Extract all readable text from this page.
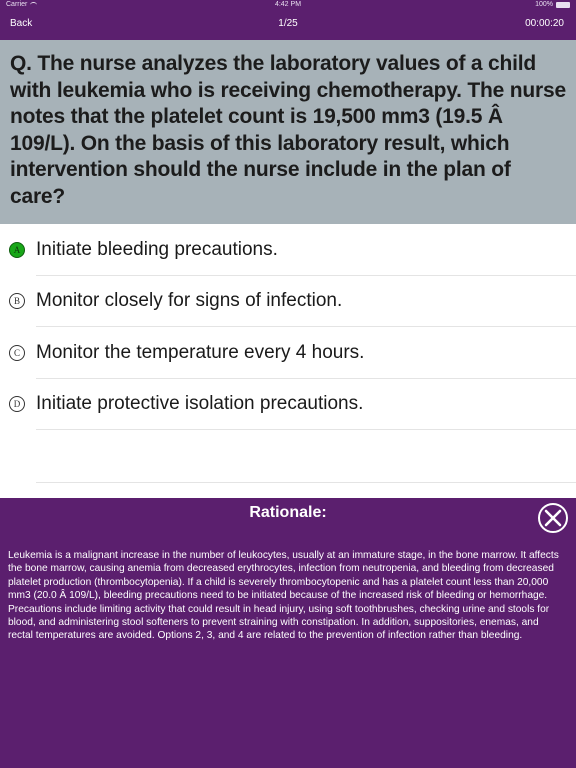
Carrier	4:42 PM	100%
Back	1/25	00:00:20
Q. The nurse analyzes the laboratory values of a child with leukemia who is receiving chemotherapy. The nurse notes that the platelet count is 19,500 mm3 (19.5 Â 109/L). On the basis of this laboratory result, which intervention should the nurse include in the plan of care?
A Initiate bleeding precautions.
B Monitor closely for signs of infection.
C Monitor the temperature every 4 hours.
D Initiate protective isolation precautions.
Rationale:
Leukemia is a malignant increase in the number of leukocytes, usually at an immature stage, in the bone marrow. It affects the bone marrow, causing anemia from decreased erythrocytes, infection from neutropenia, and bleeding from decreased platelet production (thrombocytopenia). If a child is severely thrombocytopenic and has a platelet count less than 20,000 mm3 (20.0 Â 109/L), bleeding precautions need to be initiated because of the increased risk of bleeding or hemorrhage. Precautions include limiting activity that could result in head injury, using soft toothbrushes, checking urine and stools for blood, and administering stool softeners to prevent straining with constipation. In addition, suppositories, enemas, and rectal temperatures are avoided. Options 2, 3, and 4 are related to the prevention of infection rather than bleeding.
